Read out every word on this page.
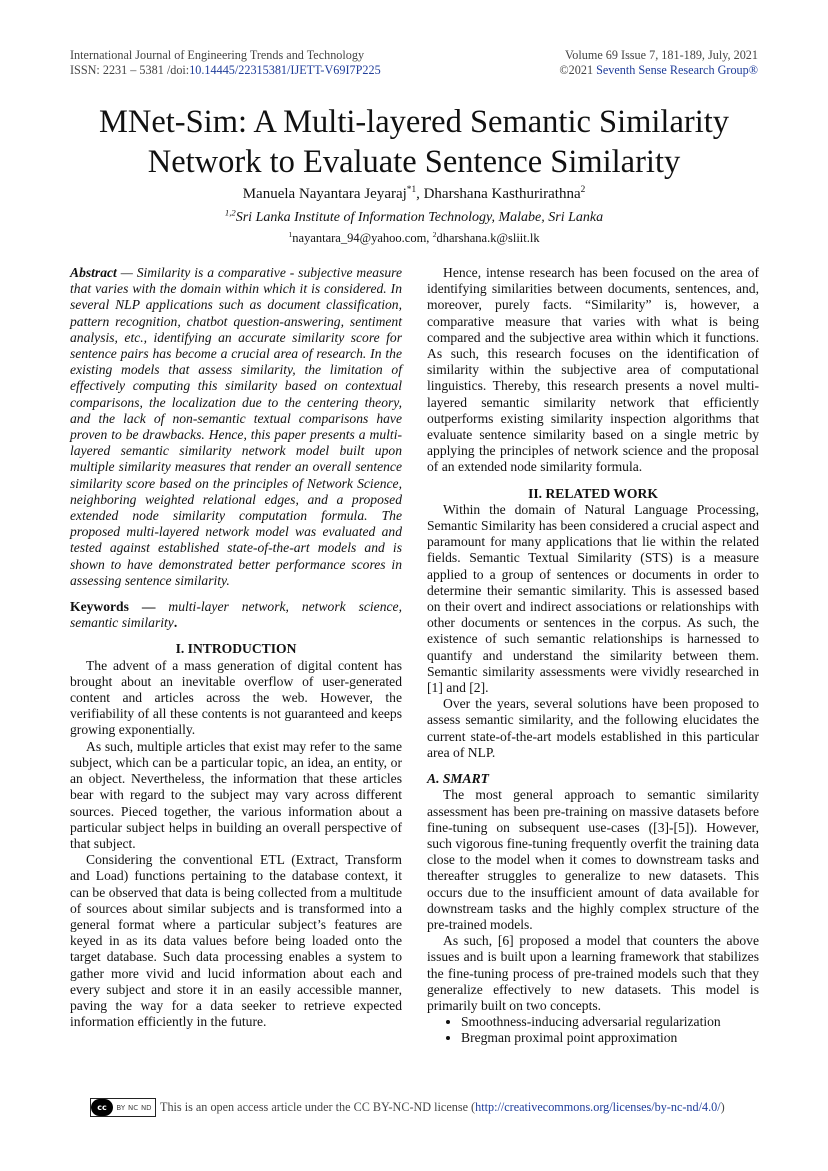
International Journal of Engineering Trends and Technology
ISSN: 2231 – 5381 /doi:10.14445/22315381/IJETT-V69I7P225
Volume 69 Issue 7, 181-189, July, 2021
©2021 Seventh Sense Research Group®
MNet-Sim: A Multi-layered Semantic Similarity Network to Evaluate Sentence Similarity
Manuela Nayantara Jeyaraj$^{*1}$, Dharshana Kasthurirathna$^2$
$^{1,2}$Sri Lanka Institute of Information Technology, Malabe, Sri Lanka
$^1$nayantara_94@yahoo.com, $^2$dharshana.k@sliit.lk

Abstract — Similarity is a comparative - subjective measure that varies with the domain within which it is considered. In several NLP applications such as document classification, pattern recognition, chatbot question-answering, sentiment analysis, etc., identifying an accurate similarity score for sentence pairs has become a crucial area of research. In the existing models that assess similarity, the limitation of effectively computing this similarity based on contextual comparisons, the localization due to the centering theory, and the lack of non-semantic textual comparisons have proven to be drawbacks. Hence, this paper presents a multi-layered semantic similarity network model built upon multiple similarity measures that render an overall sentence similarity score based on the principles of Network Science, neighboring weighted relational edges, and a proposed extended node similarity computation formula. The proposed multi-layered network model was evaluated and tested against established state-of-the-art models and is shown to have demonstrated better performance scores in assessing sentence similarity.

Keywords — multi-layer network, network science, semantic similarity.

I. INTRODUCTION

The advent of a mass generation of digital content has brought about an inevitable overflow of user-generated content and articles across the web. However, the verifiability of all these contents is not guaranteed and keeps growing exponentially.

As such, multiple articles that exist may refer to the same subject, which can be a particular topic, an idea, an entity, or an object. Nevertheless, the information that these articles bear with regard to the subject may vary across different sources. Pieced together, the various information about a particular subject helps in building an overall perspective of that subject.

Considering the conventional ETL (Extract, Transform and Load) functions pertaining to the database context, it can be observed that data is being collected from a multitude of sources about similar subjects and is transformed into a general format where a particular subject’s features are keyed in as its data values before being loaded onto the target database. Such data processing enables a system to gather more vivid and lucid information about each and every subject and store it in an easily accessible manner, paving the way for a data seeker to retrieve expected information efficiently in the future.

Hence, intense research has been focused on the area of identifying similarities between documents, sentences, and, moreover, purely facts. “Similarity” is, however, a comparative measure that varies with what is being compared and the subjective area within which it functions. As such, this research focuses on the identification of similarity within the subjective area of computational linguistics. Thereby, this research presents a novel multi-layered semantic similarity network that efficiently outperforms existing similarity inspection algorithms that evaluate sentence similarity based on a single metric by applying the principles of network science and the proposal of an extended node similarity formula.

II. RELATED WORK

Within the domain of Natural Language Processing, Semantic Similarity has been considered a crucial aspect and paramount for many applications that lie within the related fields. Semantic Textual Similarity (STS) is a measure applied to a group of sentences or documents in order to determine their semantic similarity. This is assessed based on their overt and indirect associations or relationships with other documents or sentences in the corpus. As such, the existence of such semantic relationships is harnessed to quantify and understand the similarity between them. Semantic similarity assessments were vividly researched in [1] and [2].

Over the years, several solutions have been proposed to assess semantic similarity, and the following elucidates the current state-of-the-art models established in this particular area of NLP.

A. SMART

The most general approach to semantic similarity assessment has been pre-training on massive datasets before fine-tuning on subsequent use-cases ([3]-[5]). However, such vigorous fine-tuning frequently overfit the training data close to the model when it comes to downstream tasks and thereafter struggles to generalize to new datasets. This occurs due to the insufficient amount of data available for downstream tasks and the highly complex structure of the pre-trained models.

As such, [6] proposed a model that counters the above issues and is built upon a learning framework that stabilizes the fine-tuning process of pre-trained models such that they generalize effectively to new datasets. This model is primarily built on two concepts.

• Smoothness-inducing adversarial regularization
• Bregman proximal point approximation
cc	BY NC ND This is an open access article under the CC BY-NC-ND license ( http://creativecommons.org/licenses/by-nc-nd/4.0/ )
